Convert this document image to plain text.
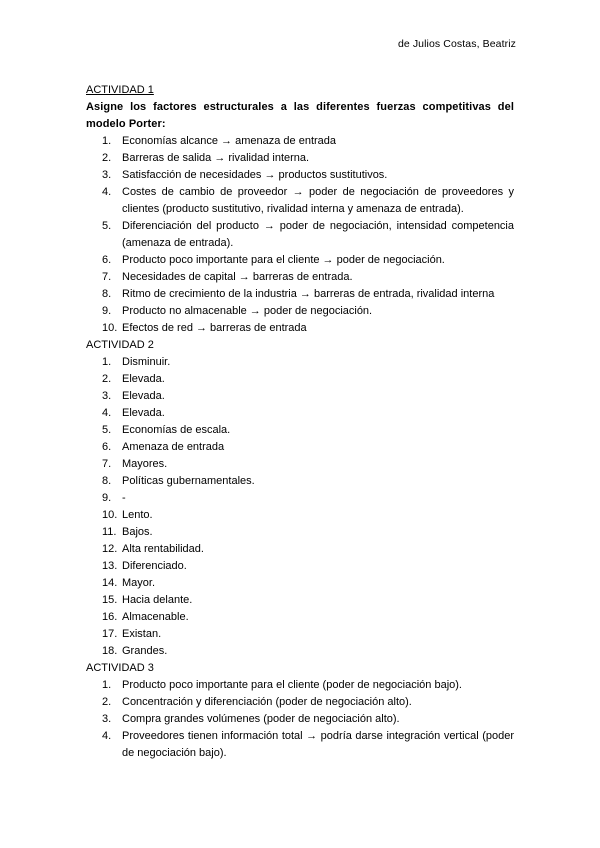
de Julios Costas, Beatriz
ACTIVIDAD 1
Asigne los factores estructurales a las diferentes fuerzas competitivas del modelo Porter:
1. Economías alcance → amenaza de entrada
2. Barreras de salida → rivalidad interna.
3. Satisfacción de necesidades → productos sustitutivos.
4. Costes de cambio de proveedor → poder de negociación de proveedores y clientes (producto sustitutivo, rivalidad interna y amenaza de entrada).
5. Diferenciación del producto → poder de negociación, intensidad competencia (amenaza de entrada).
6. Producto poco importante para el cliente → poder de negociación.
7. Necesidades de capital → barreras de entrada.
8. Ritmo de crecimiento de la industria → barreras de entrada, rivalidad interna
9. Producto no almacenable → poder de negociación.
10. Efectos de red → barreras de entrada
ACTIVIDAD 2
1. Disminuir.
2. Elevada.
3. Elevada.
4. Elevada.
5. Economías de escala.
6. Amenaza de entrada
7. Mayores.
8. Políticas gubernamentales.
9. -
10. Lento.
11. Bajos.
12. Alta rentabilidad.
13. Diferenciado.
14. Mayor.
15. Hacia delante.
16. Almacenable.
17. Existan.
18. Grandes.
ACTIVIDAD 3
1. Producto poco importante para el cliente (poder de negociación bajo).
2. Concentración y diferenciación (poder de negociación alto).
3. Compra grandes volúmenes (poder de negociación alto).
4. Proveedores tienen información total → podría darse integración vertical (poder de negociación bajo).
